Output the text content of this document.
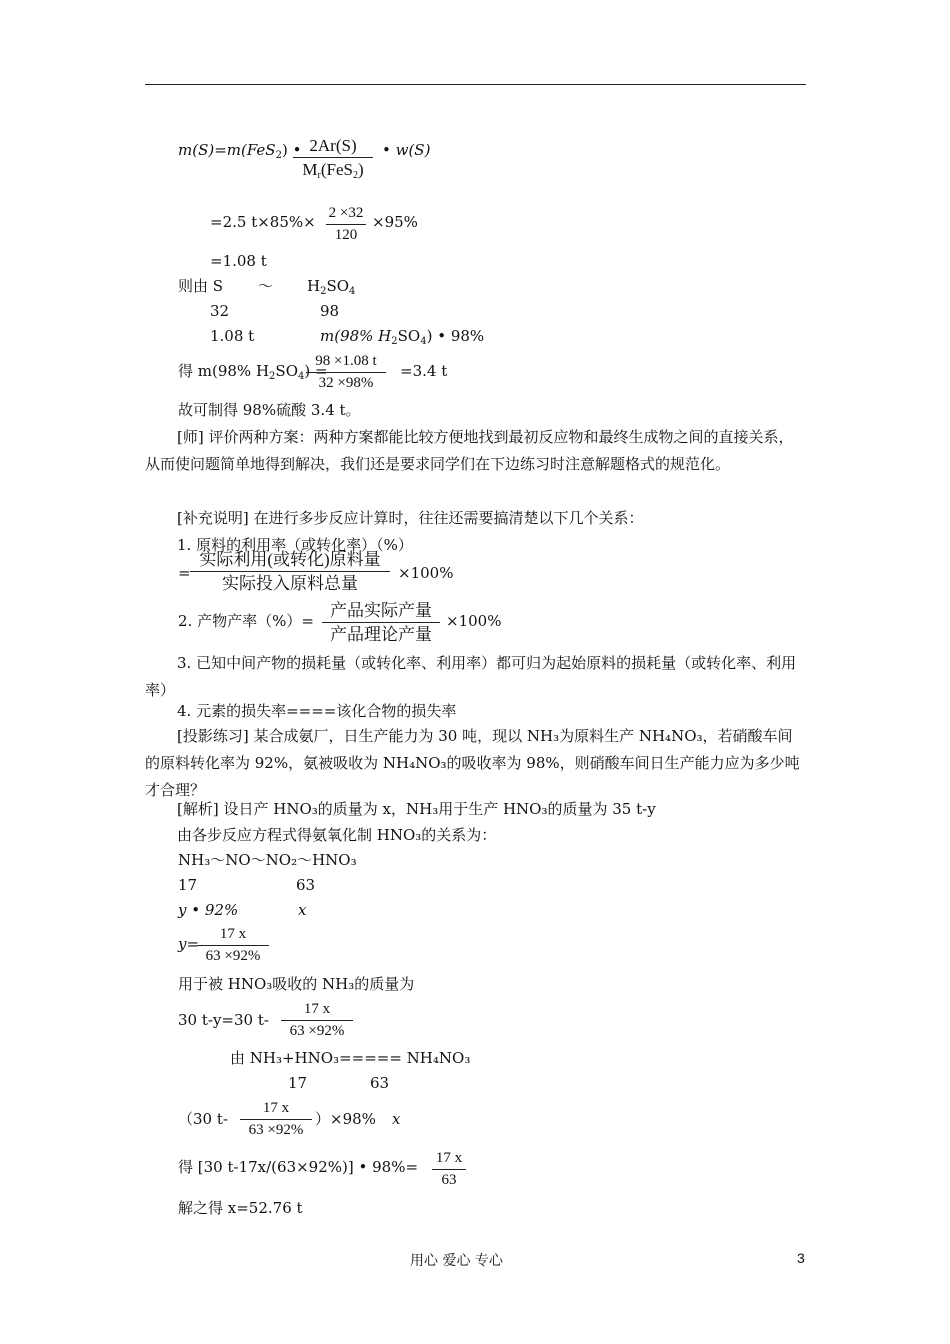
m(S)=m(FeS$_2$) • 2Ar(S)
$M_r(FeS_2)$
• w(S)
=2.5 t×85%× 2 ×32
120
×95%
=1.08 t
则由 S ～ $H_2SO_4$
32	98
1.08 t	m(98% $H_2SO_4$) • 98%
得 m(98% $H_2SO_4$) =
98 ×1.08 t
32 ×98%
=3.4 t
故可制得 98%硫酸 3.4 t。
[师] 评价两种方案：两种方案都能比较方便地找到最初反应物和最终生成物之间的直接关系，从而使问题简单地得到解决，我们还是要求同学们在下边练习时注意解题格式的规范化。
[补充说明] 在进行多步反应计算时，往往还需要搞清楚以下几个关系：
1. 原料的利用率（或转化率）（%）
=
实际利用(或转化)原料量
实际投入原料总量
×100%
2. 产物产率（%）=
产品实际产量
产品理论产量
×100%
3. 已知中间产物的损耗量（或转化率、利用率）都可归为起始原料的损耗量（或转化率、利用率）
4. 元素的损失率====该化合物的损失率
[投影练习] 某合成氨厂，日生产能力为 30 吨，现以 NH₃为原料生产 NH₄NO₃，若硝酸车间的原料转化率为 92%，氨被吸收为 NH₄NO₃的吸收率为 98%，则硝酸车间日生产能力应为多少吨才合理？
[解析] 设日产 HNO₃的质量为 x，NH₃用于生产 HNO₃的质量为 35 t-y
由各步反应方程式得氨氧化制 HNO₃的关系为：
NH₃～NO～NO₂～HNO₃
17	63
y • 92%	x
y=
17 x
63 ×92%
用于被 HNO₃吸收的 NH₃的质量为
30 t-y=30 t-
17 x
63 ×92%
由 NH₃+HNO₃===== NH₄NO₃
17	63
（30 t-
17 x
63 ×92%
）×98% x
得 [30 t-17x/(63×92%)] • 98%= 17 x
63
解之得 x=52.76 t
用心 爱心 专心	3
